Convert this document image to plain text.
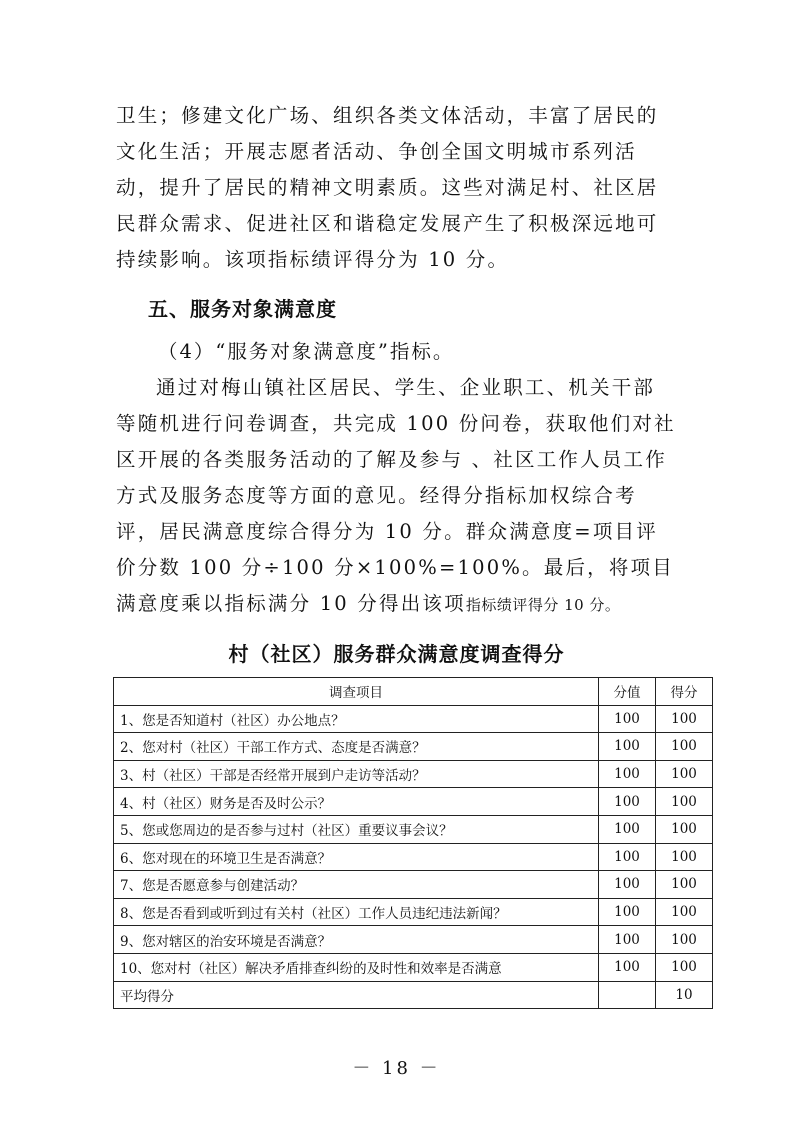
卫生；修建文化广场、组织各类文体活动，丰富了居民的文化生活；开展志愿者活动、争创全国文明城市系列活动，提升了居民的精神文明素质。这些对满足村、社区居民群众需求、促进社区和谐稳定发展产生了积极深远地可持续影响。该项指标绩评得分为 10 分。

五、服务对象满意度

（4）“服务对象满意度”指标。

通过对梅山镇社区居民、学生、企业职工、机关干部等随机进行问卷调查，共完成 100 份问卷，获取他们对社区开展的各类服务活动的了解及参与 、社区工作人员工作方式及服务态度等方面的意见。经得分指标加权综合考评，居民满意度综合得分为 10 分。群众满意度=项目评价分数 100 分÷100 分×100%=100%。最后，将项目满意度乘以指标满分 10 分得出该项指标绩评得分 10 分。

村（社区）服务群众满意度调查得分

调查项目	分值	得分
1、您是否知道村（社区）办公地点？	100	100
2、您对村（社区）干部工作方式、态度是否满意？	100	100
3、村（社区）干部是否经常开展到户走访等活动？	100	100
4、村（社区）财务是否及时公示？	100	100
5、您或您周边的是否参与过村（社区）重要议事会议？	100	100
6、您对现在的环境卫生是否满意？	100	100
7、您是否愿意参与创建活动？	100	100
8、您是否看到或听到过有关村（社区）工作人员违纪违法新闻？	100	100
9、您对辖区的治安环境是否满意？	100	100
10、您对村（社区）解决矛盾排查纠纷的及时性和效率是否满意	100	100
平均得分		10

－ 18 －
